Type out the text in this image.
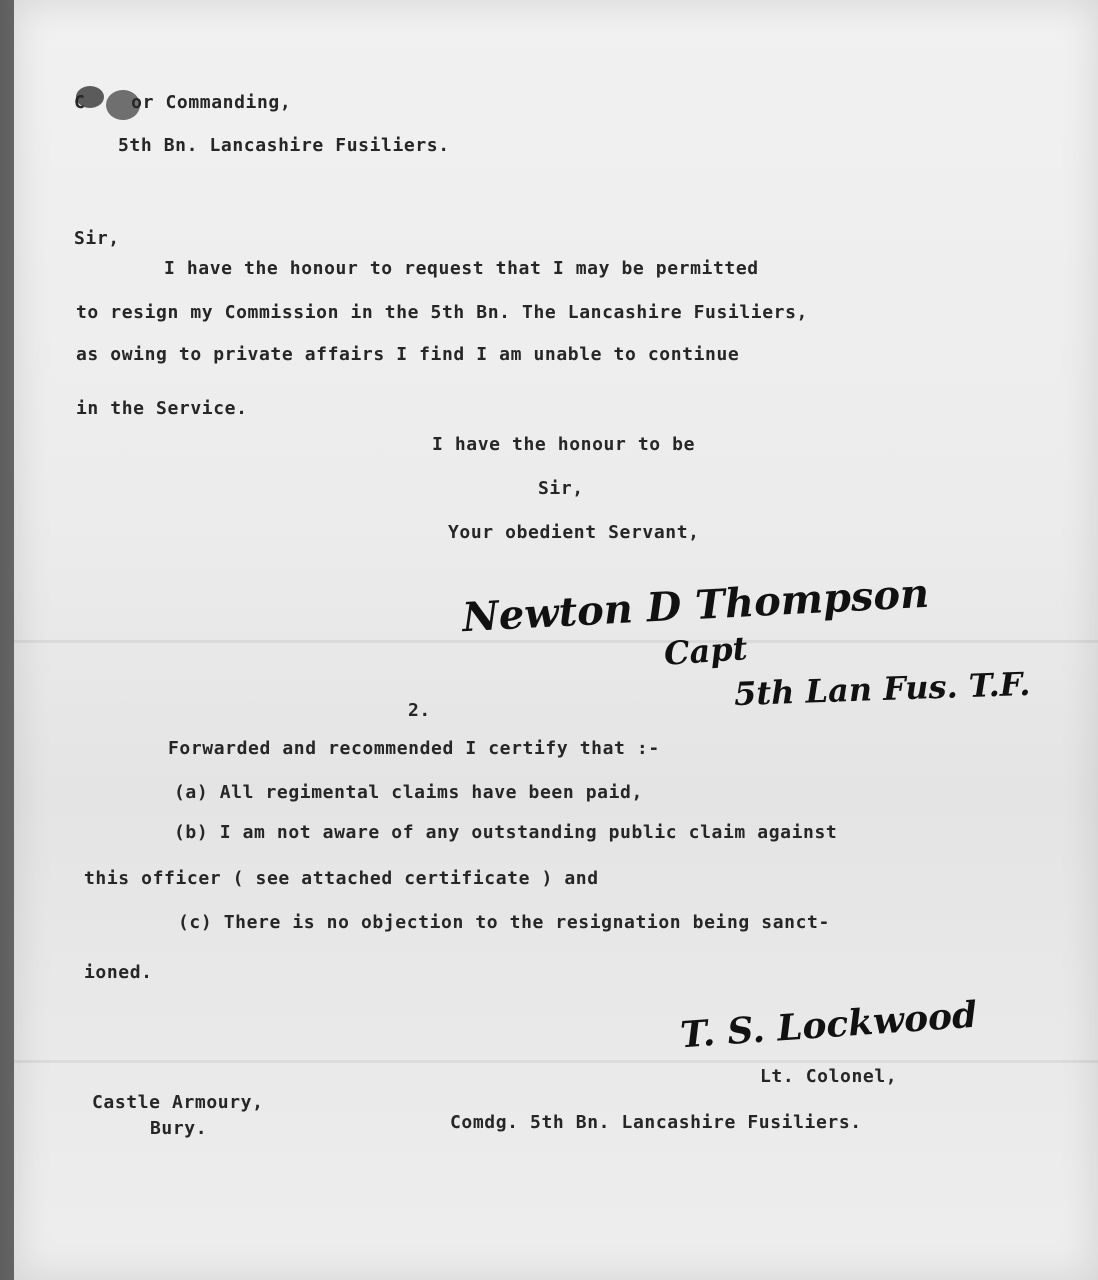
C    or Commanding,
5th Bn. Lancashire Fusiliers.
Sir,
I have the honour to request that I may be permitted
to resign my Commission in the 5th Bn. The Lancashire Fusiliers,
as owing to private affairs I find I am unable to continue
in the Service.
I have the honour to be
Sir,
Your obedient Servant,
Newton D Thompson
Capt
5th Lan Fus. T.F.
2.
Forwarded and recommended I certify that :-
(a) All regimental claims have been paid,
(b) I am not aware of any outstanding public claim against
this officer ( see attached certificate ) and
(c) There is no objection to the resignation being sanct-
ioned.
T. S. Lockwood
Lt. Colonel,
Castle Armoury,
Bury.	Comdg. 5th Bn. Lancashire Fusiliers.
